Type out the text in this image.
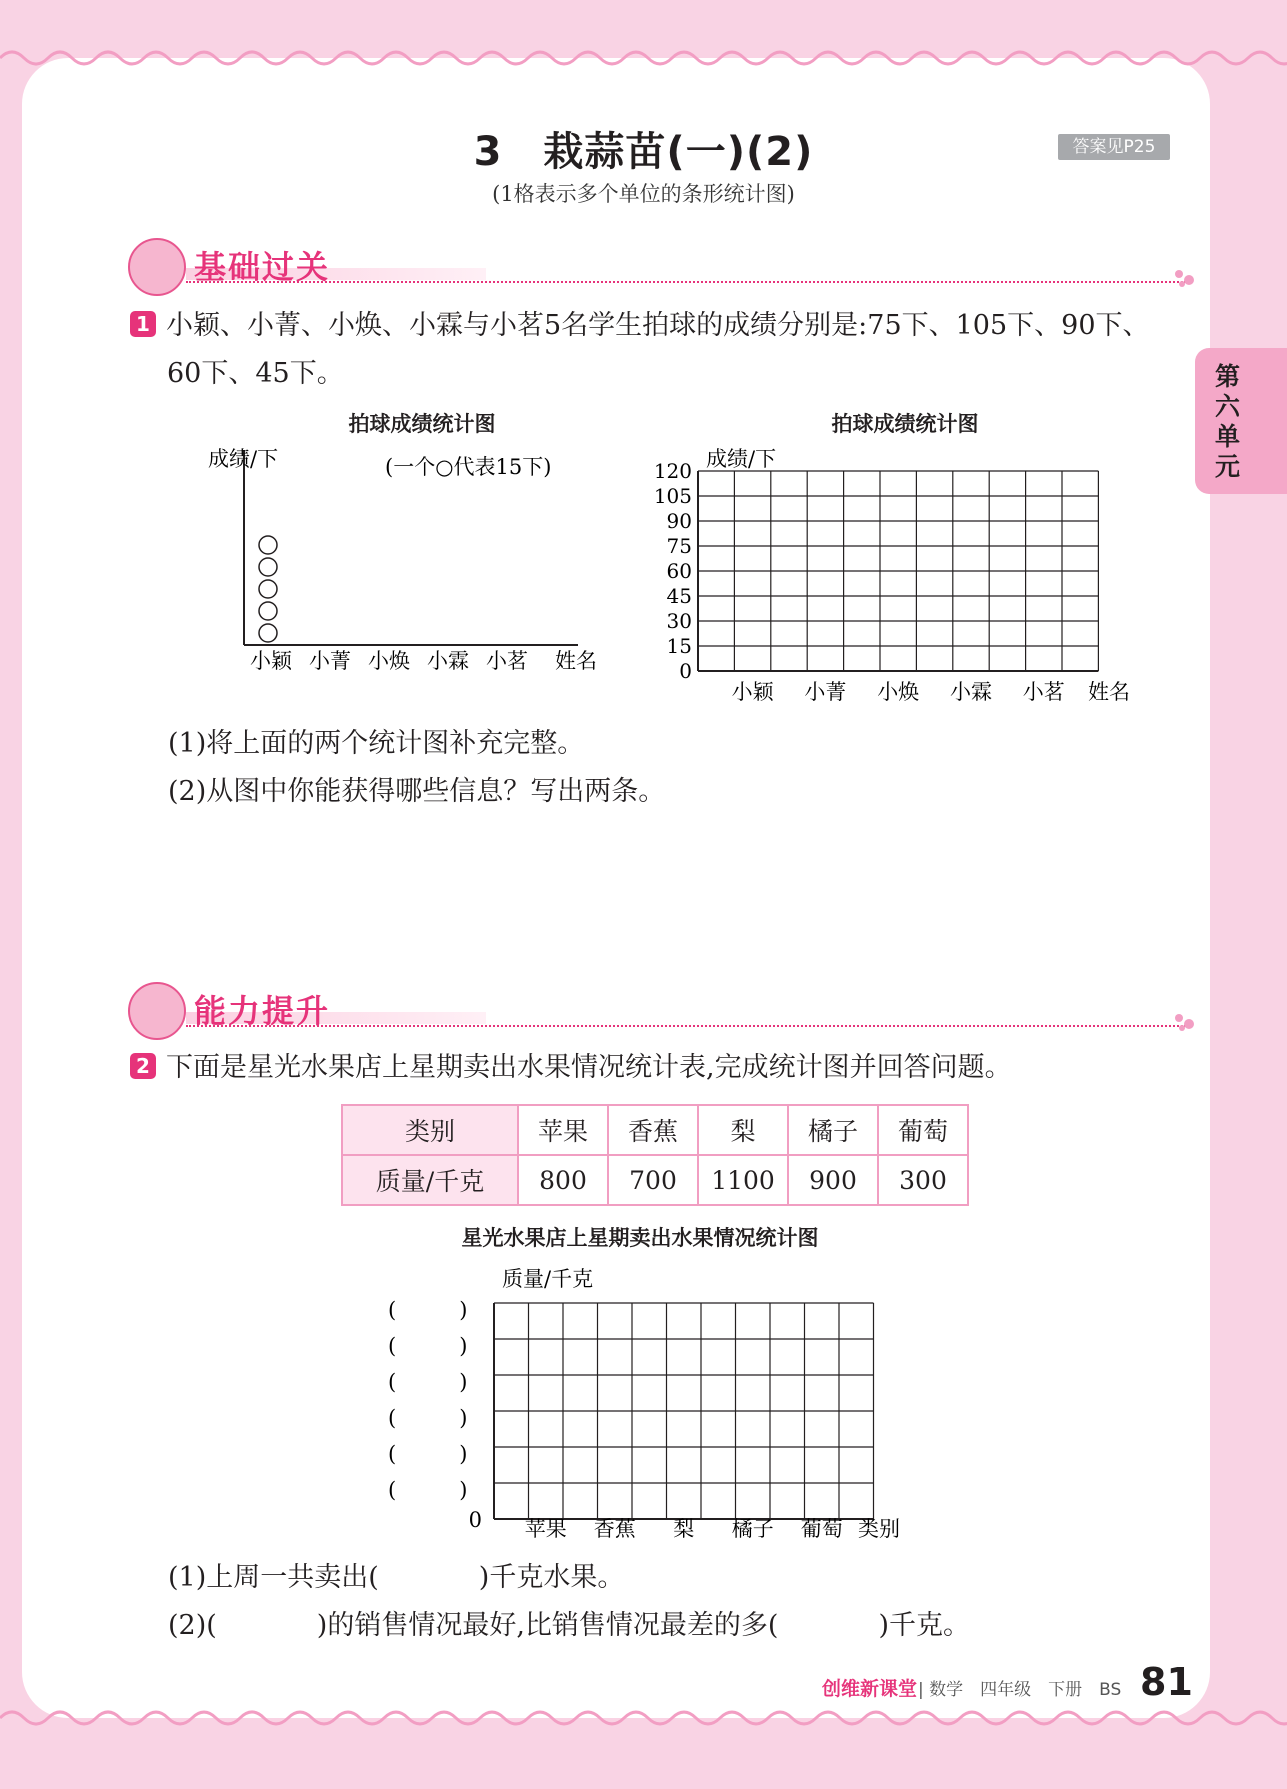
3　栽蒜苗(一)(2)
(1格表示多个单位的条形统计图)
答案见P25
第六单元
基础过关
1 小颖、小菁、小焕、小霖与小茗5名学生拍球的成绩分别是:75下、105下、90下、
60下、45下。
拍球成绩统计图
成绩/下	(一个○代表15下)
小颖 小菁 小焕 小霖 小茗 姓名
拍球成绩统计图
120
105
90
75
60
45
30
15
0
小颖 小菁 小焕 小霖 小茗
成绩/下
姓名
(1)将上面的两个统计图补充完整。
(2)从图中你能获得哪些信息？写出两条。
能力提升
2 下面是星光水果店上星期卖出水果情况统计表,完成统计图并回答问题。
类别	苹果	香蕉	梨	橘子	葡萄
质量/千克	800	700	1100	900	300
星光水果店上星期卖出水果情况统计图
(　　　)
(　　　)
(　　　)
(　　　)
(　　　)
(　　　)
0 苹果 香蕉 梨 橘子 葡萄
质量/千克
类别
(1)上周一共卖出(	)千克水果。
(2)(	)的销售情况最好,比销售情况最差的多(	)千克。
创维新课堂 | 数学　四年级　下册　BS 81
